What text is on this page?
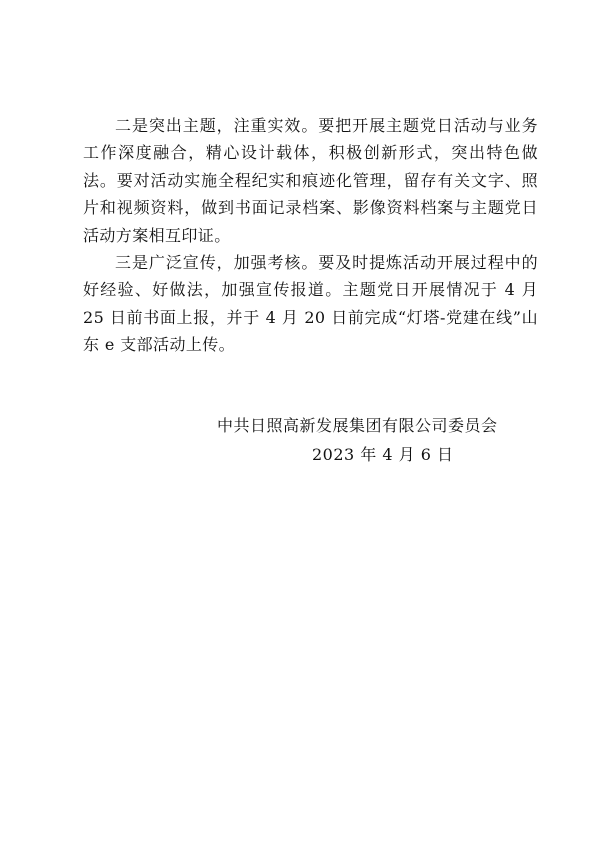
二是突出主题，注重实效。要把开展主题党日活动与业务工作深度融合，精心设计载体，积极创新形式，突出特色做法。要对活动实施全程纪实和痕迹化管理，留存有关文字、照片和视频资料，做到书面记录档案、影像资料档案与主题党日活动方案相互印证。

三是广泛宣传，加强考核。要及时提炼活动开展过程中的好经验、好做法，加强宣传报道。主题党日开展情况于 4 月 25 日前书面上报，并于 4 月 20 日前完成“灯塔-党建在线”山东 e 支部活动上传。

中共日照高新发展集团有限公司委员会
2023 年 4 月 6 日
